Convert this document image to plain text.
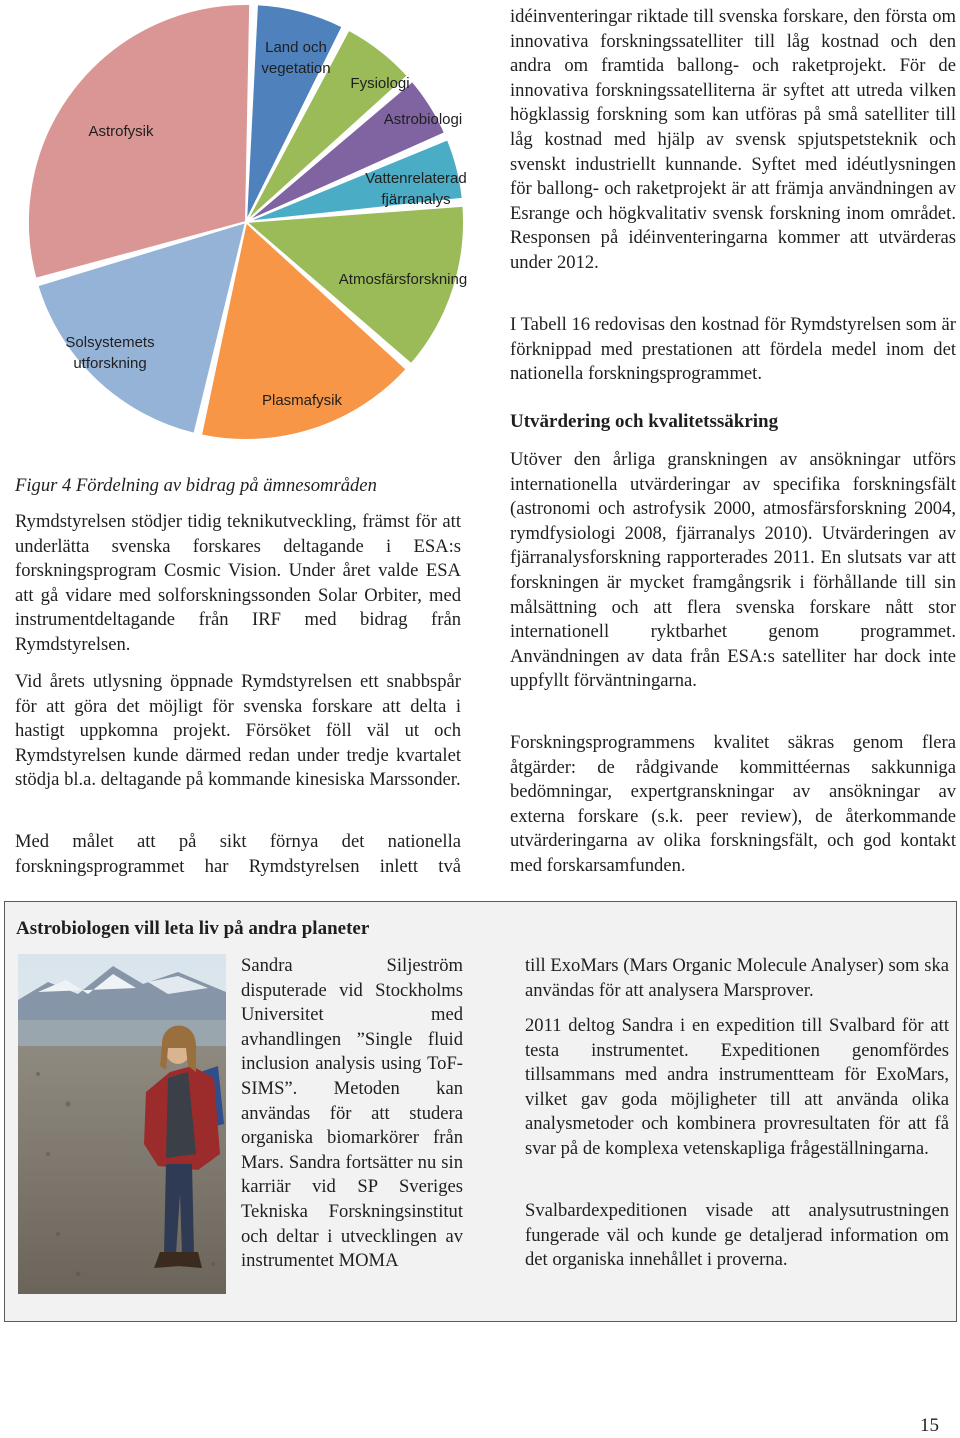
Land och vegetation
Fysiologi
Astrobiologi
Vattenrelaterad fjärranalys
Atmosfärsforskning
Plasmafysik
Solsystemets utforskning
Astrofysik

Figur 4 Fördelning av bidrag på ämnesområden

Rymdstyrelsen stödjer tidig teknikutveckling, främst för att underlätta svenska forskares deltagande i ESA:s forskningsprogram Cosmic Vision. Under året valde ESA att gå vidare med solforskningssonden Solar Orbiter, med instrumentdeltagande från IRF med bidrag från Rymdstyrelsen.

Vid årets utlysning öppnade Rymdstyrelsen ett snabbspår för att göra det möjligt för svenska forskare att delta i hastigt uppkomna projekt. Försöket föll väl ut och Rymdstyrelsen kunde därmed redan under tredje kvartalet stödja bl.a. deltagande på kommande kinesiska Marssonder.

Med målet att på sikt förnya det nationella forskningsprogrammet har Rymdstyrelsen inlett två

idéinventeringar riktade till svenska forskare, den första om innovativa forskningssatelliter till låg kostnad och den andra om framtida ballong- och raketprojekt. För de innovativa forskningssatelliterna är syftet att utreda vilken högklassig forskning som kan utföras på små satelliter till låg kostnad med hjälp av svensk spjutspetsteknik och svenskt industriellt kunnande. Syftet med idéutlysningen för ballong- och raketprojekt är att främja användningen av Esrange och högkvalitativ svensk forskning inom området. Responsen på idéinventeringarna kommer att utvärderas under 2012.

I Tabell 16 redovisas den kostnad för Rymdstyrelsen som är förknippad med prestationen att fördela medel inom det nationella forskningsprogrammet.

Utvärdering och kvalitetssäkring

Utöver den årliga granskningen av ansökningar utförs internationella utvärderingar av specifika forskningsfält (astronomi och astrofysik 2000, atmosfärsforskning 2004, rymdfysiologi 2008, fjärranalys 2010). Utvärderingen av fjärranalysforskning rapporterades 2011. En slutsats var att forskningen är mycket framgångsrik i förhållande till sin målsättning och att flera svenska forskare nått stor internationell ryktbarhet genom programmet. Användningen av data från ESA:s satelliter har dock inte uppfyllt förväntningarna.

Forskningsprogrammens kvalitet säkras genom flera åtgärder: de rådgivande kommittéernas sakkunniga bedömningar, expertgranskningar av ansökningar av externa forskare (s.k. peer review), de återkommande utvärderingarna av olika forskningsfält, och god kontakt med forskarsamfunden.

Astrobiologen vill leta liv på andra planeter

Sandra Siljeström disputerade vid Stockholms Universitet med avhandlingen ”Single fluid inclusion analysis using ToF-SIMS”. Metoden kan användas för att studera organiska biomarkörer från Mars. Sandra fortsätter nu sin karriär vid SP Sveriges Tekniska Forskningsinstitut och deltar i utvecklingen av instrumentet MOMA

till ExoMars (Mars Organic Molecule Analyser) som ska användas för att analysera Marsprover.

2011 deltog Sandra i en expedition till Svalbard för att testa instrumentet. Expeditionen genomfördes tillsammans med andra instrumentteam för ExoMars, vilket gav goda möjligheter till att använda olika analysmetoder och kombinera provresultaten för att få svar på de komplexa vetenskapliga frågeställningarna.

Svalbardexpeditionen visade att analysutrustningen fungerade väl och kunde ge detaljerad information om det organiska innehållet i proverna.

15
